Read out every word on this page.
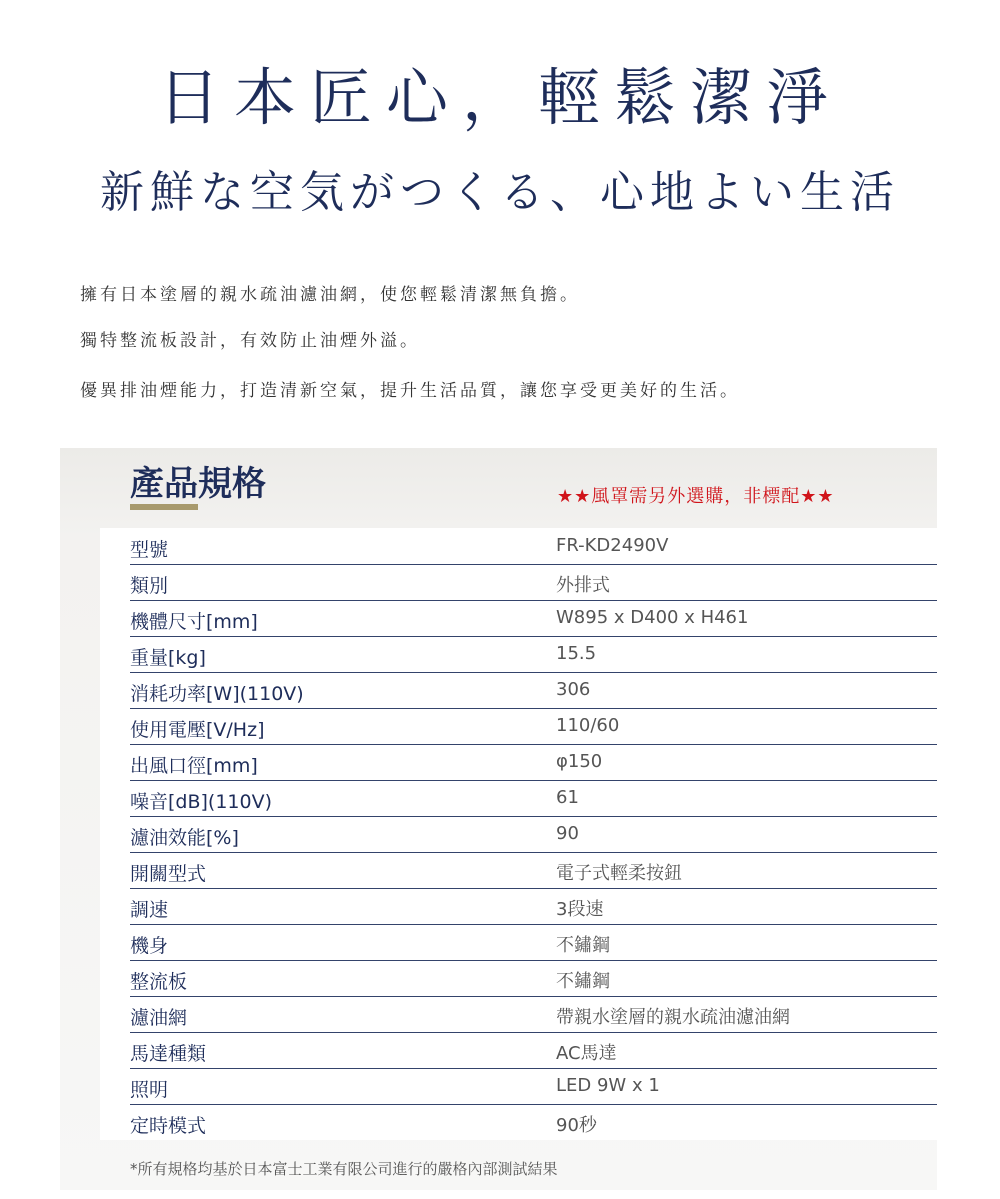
日本匠心，輕鬆潔淨
新鮮な空気がつくる、心地よい生活
擁有日本塗層的親水疏油濾油網，使您輕鬆清潔無負擔。
獨特整流板設計，有效防止油煙外溢。
優異排油煙能力，打造清新空氣，提升生活品質，讓您享受更美好的生活。
產品規格	★★風罩需另外選購，非標配★★
型號	FR-KD2490V
類別	外排式
機體尺寸[mm]	W895 x D400 x H461
重量[kg]	15.5
消耗功率[W](110V)	306
使用電壓[V/Hz]	110/60
出風口徑[mm]	φ150
噪音[dB](110V)	61
濾油效能[%]	90
開關型式	電子式輕柔按鈕
調速	3段速
機身	不鏽鋼
整流板	不鏽鋼
濾油網	帶親水塗層的親水疏油濾油網
馬達種類	AC馬達
照明	LED 9W x 1
定時模式	90秒
*所有規格均基於日本富士工業有限公司進行的嚴格內部測試結果
